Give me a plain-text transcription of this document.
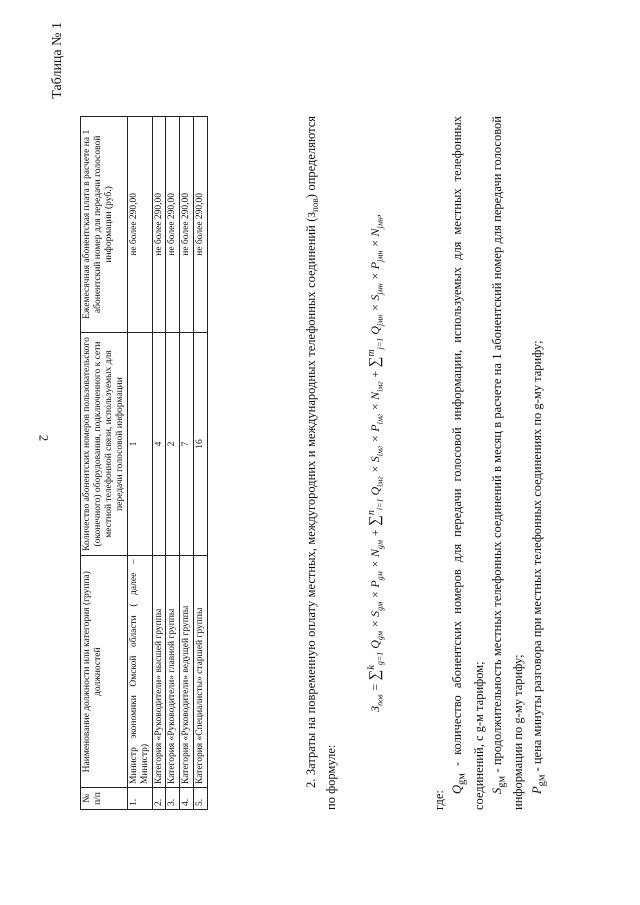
2
Таблица № 1
№ п/п	Наименование должности или категория (группа) должностей	Количество абонентских номеров пользовательского (оконечного) оборудования, подключенного к сети местной телефонной связи, используемых для передачи голосовой информации	Ежемесячная абонентская плата в расчете на 1 абонентский номер для передачи голосовой информации (руб.)
1.	Министр экономики Омской области ( далее – Министр)	1	не более 290,00
2.	Категория «Руководители» высшей группы	4	не более 290,00
3.	Категория «Руководители» главной группы	2	не более 290,00
4.	Категория «Руководители» ведущей группы	7	не более 290,00
5.	Категория «Специалисты» старшей группы	16	не более 290,00	2. Затраты на повременную оплату местных, междугородних и международных телефонных соединений $(З_{пов})$ определяются по формуле:
$З_{пов} = \sum^k_{g=1}$ $Q_{gм} \times S_{gм} \times P_{gм} \times N_{gм} + \sum^n_{i=1}$ $Q_{iмг} \times S_{iмг} \times P_{iмг} \times N_{iмг} + \sum^m_{j=1}$ $Q_{jмн} \times S_{jмн} \times P_{jмн} \times N_{jмн}$,

где:

$Q_{gм}$ - количество абонентских номеров для передачи голосовой информации, используемых для местных телефонных соединений, с g-м тарифом; $S_{gм}$ - продолжительность местных телефонных соединений в месяц в расчете на 1 абонентский номер для передачи голосовой информации по g-му тарифу; $P_{gм}$ - цена минуты разговора при местных телефонных соединениях по g-му тарифу;
